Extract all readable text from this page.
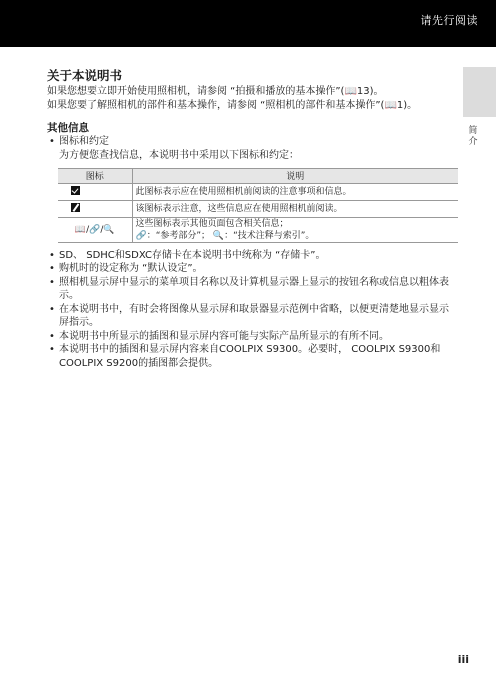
请先行阅读
简介
关于本说明书

如果您想要立即开始使用照相机，请参阅 “拍摄和播放的基本操作”(📖13)。

如果您要了解照相机的部件和基本操作，请参阅 “照相机的部件和基本操作”(📖1)。

其他信息
• 图标和约定
为方便您查找信息，本说明书中采用以下图标和约定：
图标	说明
	此图标表示应在使用照相机前阅读的注意事项和信息。
	该图标表示注意，这些信息应在使用照相机前阅读。
📖/🔗/🔍	这些图标表示其他页面包含相关信息；
🔗：“参考部分”； 🔍：“技术注释与索引”。
• SD、 SDHC和SDXC存储卡在本说明书中统称为 “存储卡”。
• 购机时的设定称为 “默认设定”。
• 照相机显示屏中显示的菜单项目名称以及计算机显示器上显示的按钮名称或信息以粗体表示。
• 在本说明书中，有时会将图像从显示屏和取景器显示范例中省略，以便更清楚地显示显示屏指示。
• 本说明书中所显示的插图和显示屏内容可能与实际产品所显示的有所不同。
• 本说明书中的插图和显示屏内容来自COOLPIX S9300。必要时， COOLPIX S9300和COOLPIX S9200的插图都会提供。
iii
